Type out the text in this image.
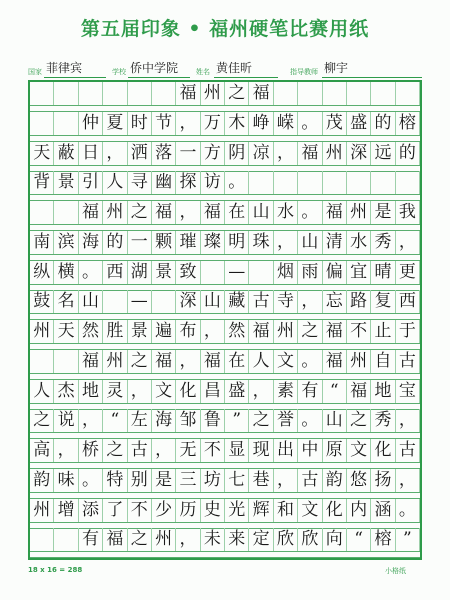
第五届印象 • 福州硬笔比赛用纸
国家 菲律宾	学校 侨中学院	姓名 黄佳昕	指导教师 柳宇
福 州 之 福
仲 夏 时 节 ， 万 木 峥 嵘 。 茂 盛 的 榕
天 蔽 日 ， 洒 落 一 方 阴 凉 ， 福 州 深 远 的
背 景 引 人 寻 幽 探 访 。
福 州 之 福 ， 福 在 山 水 。 福 州 是 我
南 滨 海 的 一 颗 璀 璨 明 珠 ， 山 清 水 秀 ，
纵 横 。 西 湖 景 致 — 烟 雨 偏 宜 晴 更
鼓 名 山 — 深 山 藏 古 寺 ， 忘 路 复 西
州 天 然 胜 景 遍 布 ， 然 福 州 之 福 不 止 于
福 州 之 福 ， 福 在 人 文 。 福 州 自 古
人 杰 地 灵 ， 文 化 昌 盛 ， 素 有 “ 福 地 宝
之 说 ， “ 左 海 邹 鲁 ” 之 誉 。 山 之 秀 ，
高 ， 桥 之 古 ， 无 不 显 现 出 中 原 文 化 古
韵 味 。 特 别 是 三 坊 七 巷 ， 古 韵 悠 扬 ，
州 增 添 了 不 少 历 史 光 辉 和 文 化 内 涵 。
有 福 之 州 ， 未 来 定 欣 欣 向 “ 榕 ”
18 x 16 = 288	小格纸
